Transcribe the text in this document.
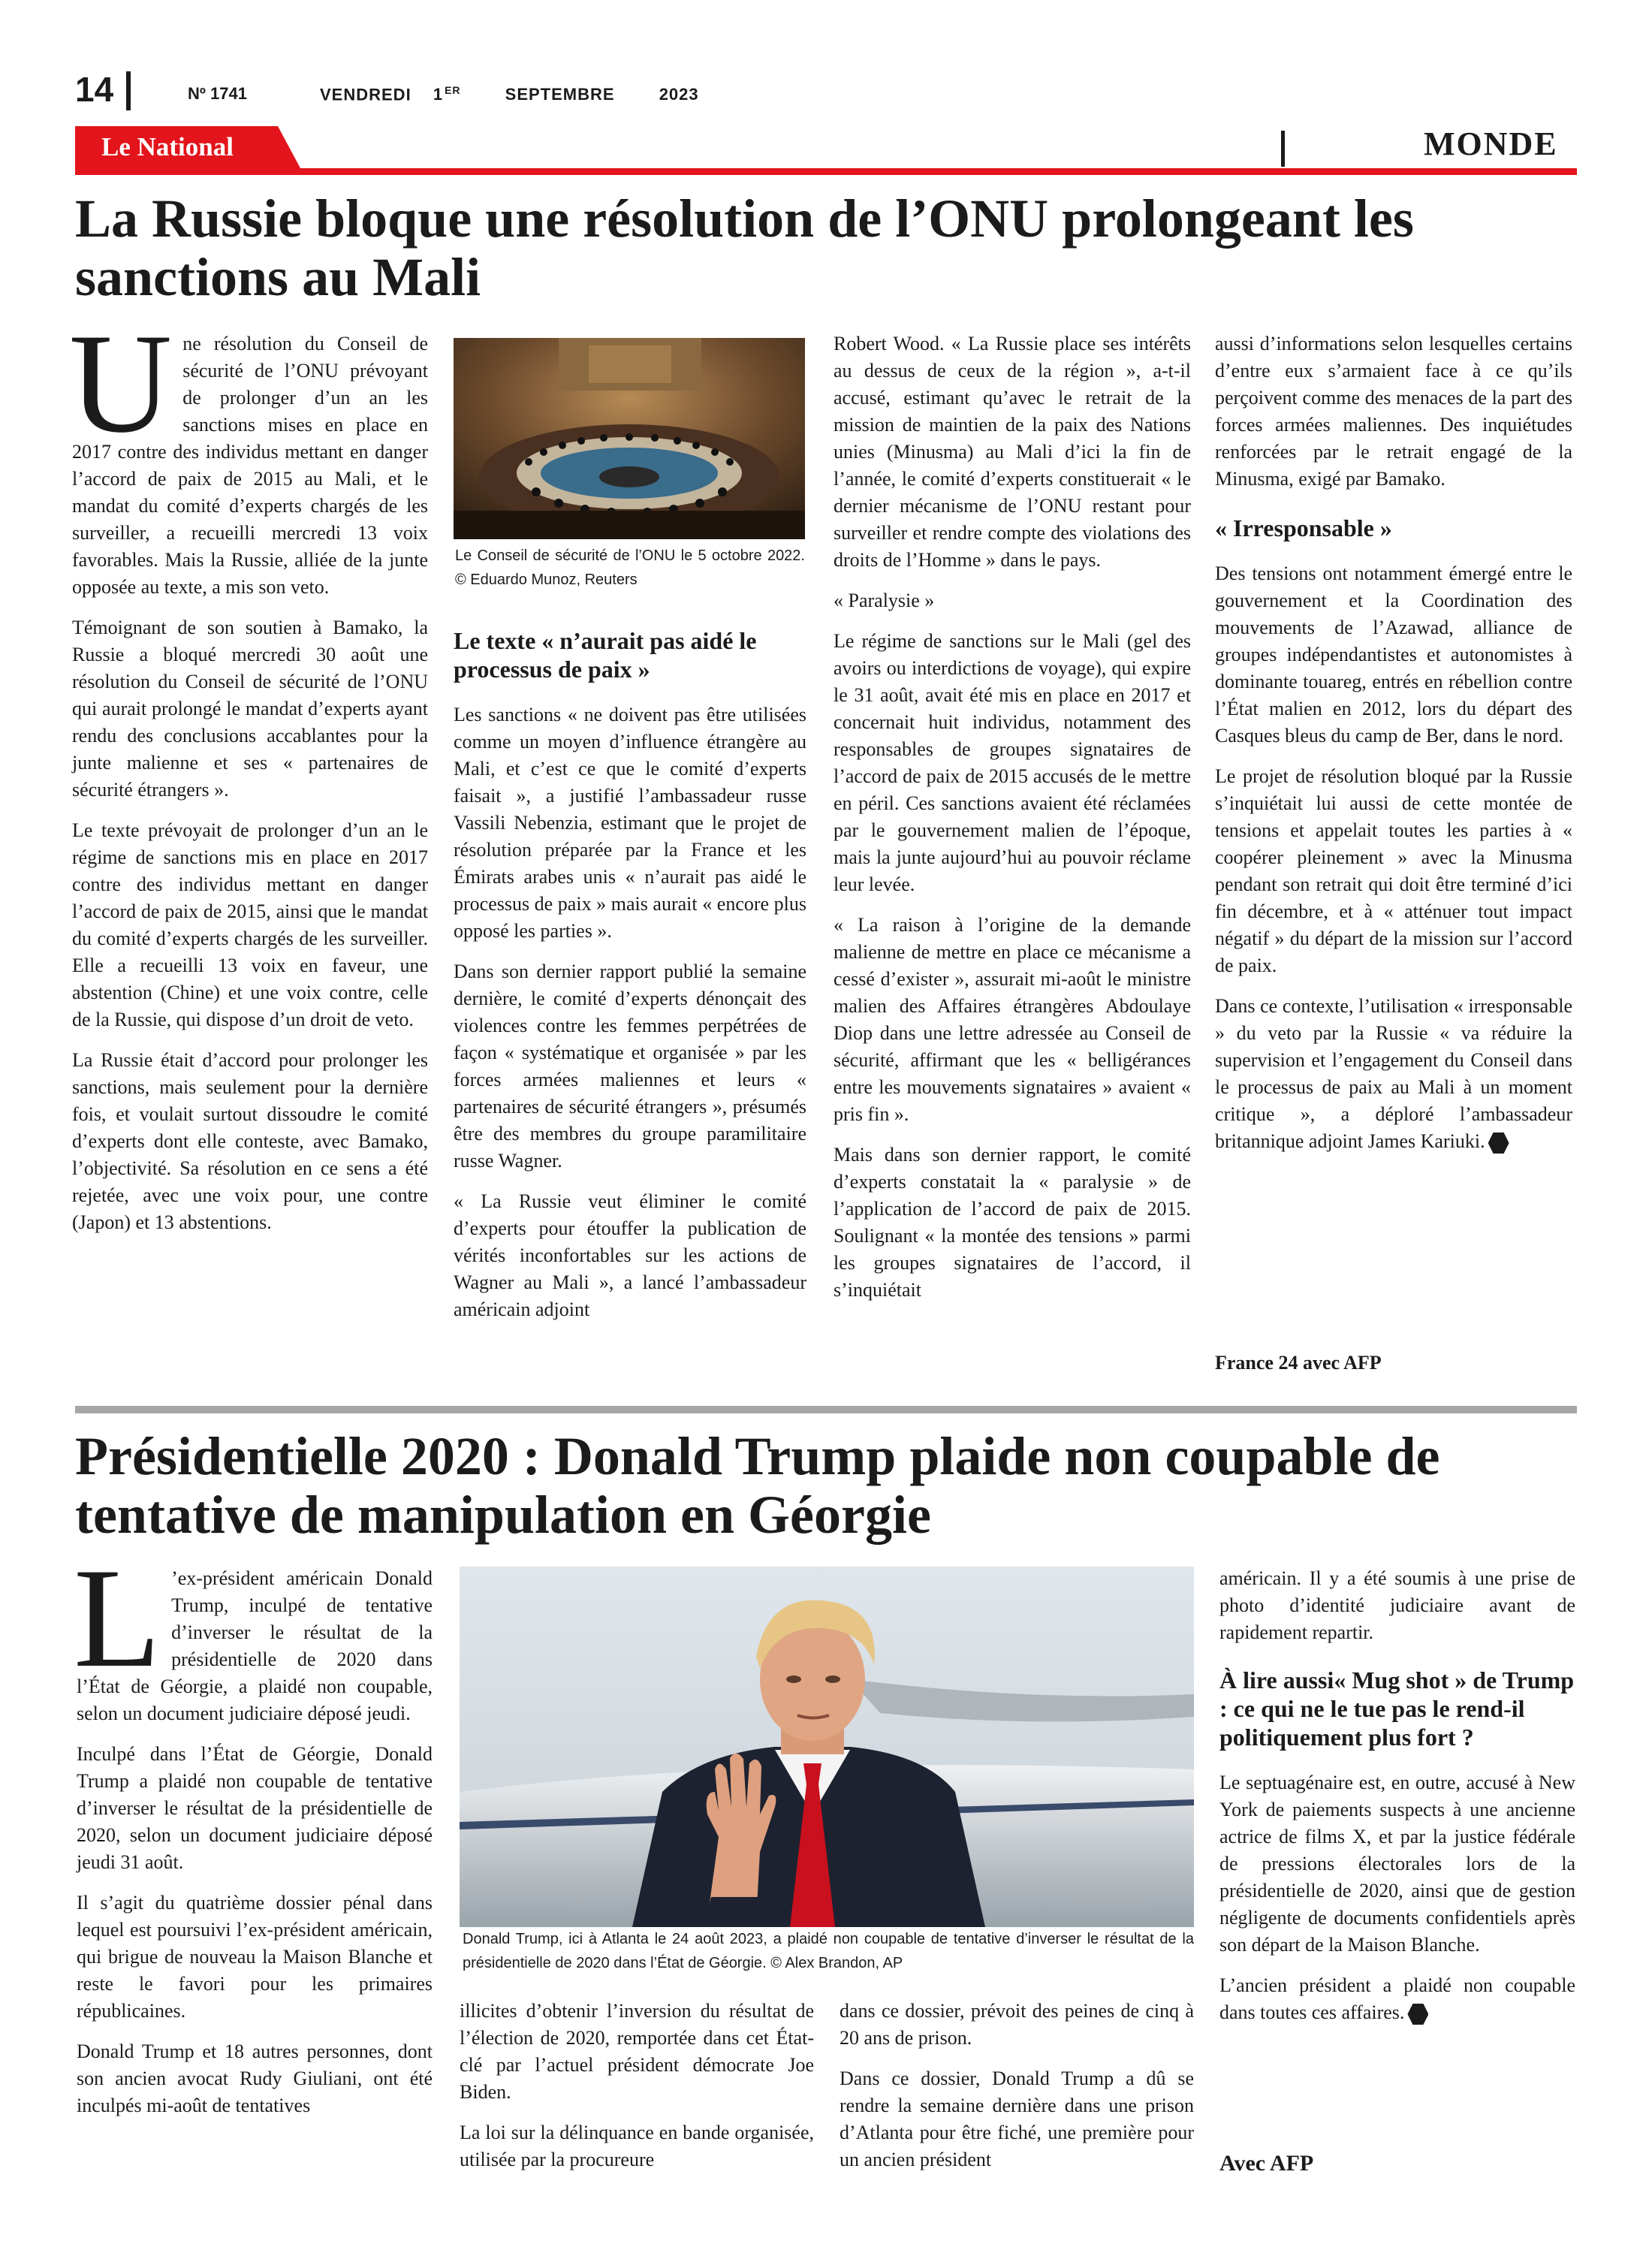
14	Nº 1741	VENDREDI 1 $^{ER}$	SEPTEMBRE	2023
Le National	MONDE
La Russie bloque une résolution de l’ONU prolongeant les sanctions au Mali

Une résolution du Conseil de sécurité de l’ONU prévoyant de prolonger d’un an les sanctions mises en place en 2017 contre des individus mettant en danger l’accord de paix de 2015 au Mali, et le mandat du comité d’experts chargés de les surveiller, a recueilli mercredi 13 voix favorables. Mais la Russie, alliée de la junte opposée au texte, a mis son veto.

Témoignant de son soutien à Bamako, la Russie a bloqué mercredi 30 août une résolution du Conseil de sécurité de l’ONU qui aurait prolongé le mandat d’experts ayant rendu des conclusions accablantes pour la junte malienne et ses « partenaires de sécurité étrangers ».

Le texte prévoyait de prolonger d’un an le régime de sanctions mis en place en 2017 contre des individus mettant en danger l’accord de paix de 2015, ainsi que le mandat du comité d’experts chargés de les surveiller. Elle a recueilli 13 voix en faveur, une abstention (Chine) et une voix contre, celle de la Russie, qui dispose d’un droit de veto.

La Russie était d’accord pour prolonger les sanctions, mais seulement pour la dernière fois, et voulait surtout dissoudre le comité d’experts dont elle conteste, avec Bamako, l’objectivité. Sa résolution en ce sens a été rejetée, avec une voix pour, une contre (Japon) et 13 abstentions.

Le Conseil de sécurité de l’ONU le 5 octobre 2022. © Eduardo Munoz, Reuters
Le texte « n’aurait pas aidé le processus de paix »

Les sanctions « ne doivent pas être utilisées comme un moyen d’influence étrangère au Mali, et c’est ce que le comité d’experts faisait », a justifié l’ambassadeur russe Vassili Nebenzia, estimant que le projet de résolution préparée par la France et les Émirats arabes unis « n’aurait pas aidé le processus de paix » mais aurait « encore plus opposé les parties ».

Dans son dernier rapport publié la semaine dernière, le comité d’experts dénonçait des violences contre les femmes perpétrées de façon « systématique et organisée » par les forces armées maliennes et leurs « partenaires de sécurité étrangers », présumés être des membres du groupe paramilitaire russe Wagner.

« La Russie veut éliminer le comité d’experts pour étouffer la publication de vérités inconfortables sur les actions de Wagner au Mali », a lancé l’ambassadeur américain adjoint

Robert Wood. « La Russie place ses intérêts au dessus de ceux de la région », a-t-il accusé, estimant qu’avec le retrait de la mission de maintien de la paix des Nations unies (Minusma) au Mali d’ici la fin de l’année, le comité d’experts constituerait « le dernier mécanisme de l’ONU restant pour surveiller et rendre compte des violations des droits de l’Homme » dans le pays.

« Paralysie »

Le régime de sanctions sur le Mali (gel des avoirs ou interdictions de voyage), qui expire le 31 août, avait été mis en place en 2017 et concernait huit individus, notamment des responsables de groupes signataires de l’accord de paix de 2015 accusés de le mettre en péril. Ces sanctions avaient été réclamées par le gouvernement malien de l’époque, mais la junte aujourd’hui au pouvoir réclame leur levée.

« La raison à l’origine de la demande malienne de mettre en place ce mécanisme a cessé d’exister », assurait mi-août le ministre malien des Affaires étrangères Abdoulaye Diop dans une lettre adressée au Conseil de sécurité, affirmant que les « belligérances entre les mouvements signataires » avaient « pris fin ».

Mais dans son dernier rapport, le comité d’experts constatait la « paralysie » de l’application de l’accord de paix de 2015. Soulignant « la montée des tensions » parmi les groupes signataires de l’accord, il s’inquiétait

aussi d’informations selon lesquelles certains d’entre eux s’armaient face à ce qu’ils perçoivent comme des menaces de la part des forces armées maliennes. Des inquiétudes renforcées par le retrait engagé de la Minusma, exigé par Bamako.

« Irresponsable »

Des tensions ont notamment émergé entre le gouvernement et la Coordination des mouvements de l’Azawad, alliance de groupes indépendantistes et autonomistes à dominante touareg, entrés en rébellion contre l’État malien en 2012, lors du départ des Casques bleus du camp de Ber, dans le nord.

Le projet de résolution bloqué par la Russie s’inquiétait lui aussi de cette montée de tensions et appelait toutes les parties à « coopérer pleinement » avec la Minusma pendant son retrait qui doit être terminé d’ici fin décembre, et à « atténuer tout impact négatif » du départ de la mission sur l’accord de paix.

Dans ce contexte, l’utilisation « irresponsable » du veto par la Russie « va réduire la supervision et l’engagement du Conseil dans le processus de paix au Mali à un moment critique », a déploré l’ambassadeur britannique adjoint James Kariuki.

France 24 avec AFP
Présidentielle 2020 : Donald Trump plaide non coupable de tentative de manipulation en Géorgie

L ’ex-président américain Donald Trump, inculpé de tentative d’inverser le résultat de la présidentielle de 2020 dans l’État de Géorgie, a plaidé non coupable, selon un document judiciaire déposé jeudi.

Inculpé dans l’État de Géorgie, Donald Trump a plaidé non coupable de tentative d’inverser le résultat de la présidentielle de 2020, selon un document judiciaire déposé jeudi 31 août.

Il s’agit du quatrième dossier pénal dans lequel est poursuivi l’ex-président américain, qui brigue de nouveau la Maison Blanche et reste le favori pour les primaires républicaines.

Donald Trump et 18 autres personnes, dont son ancien avocat Rudy Giuliani, ont été inculpés mi-août de tentatives

Donald Trump, ici à Atlanta le 24 août 2023, a plaidé non coupable de tentative d’inverser le résultat de la présidentielle de 2020 dans l’État de Géorgie. © Alex Brandon, AP

illicites d’obtenir l’inversion du résultat de l’élection de 2020, remportée dans cet État-clé par l’actuel président démocrate Joe Biden.

La loi sur la délinquance en bande organisée, utilisée par la procureure

dans ce dossier, prévoit des peines de cinq à 20 ans de prison.

Dans ce dossier, Donald Trump a dû se rendre la semaine dernière dans une prison d’Atlanta pour être fiché, une première pour un ancien président

américain. Il y a été soumis à une prise de photo d’identité judiciaire avant de rapidement repartir.

À lire aussi« Mug shot » de Trump : ce qui ne le tue pas le rend-il politiquement plus fort ?

Le septuagénaire est, en outre, accusé à New York de paiements suspects à une ancienne actrice de films X, et par la justice fédérale de pressions électorales lors de la présidentielle de 2020, ainsi que de gestion négligente de documents confidentiels après son départ de la Maison Blanche.

L’ancien président a plaidé non coupable dans toutes ces affaires.

Avec AFP
